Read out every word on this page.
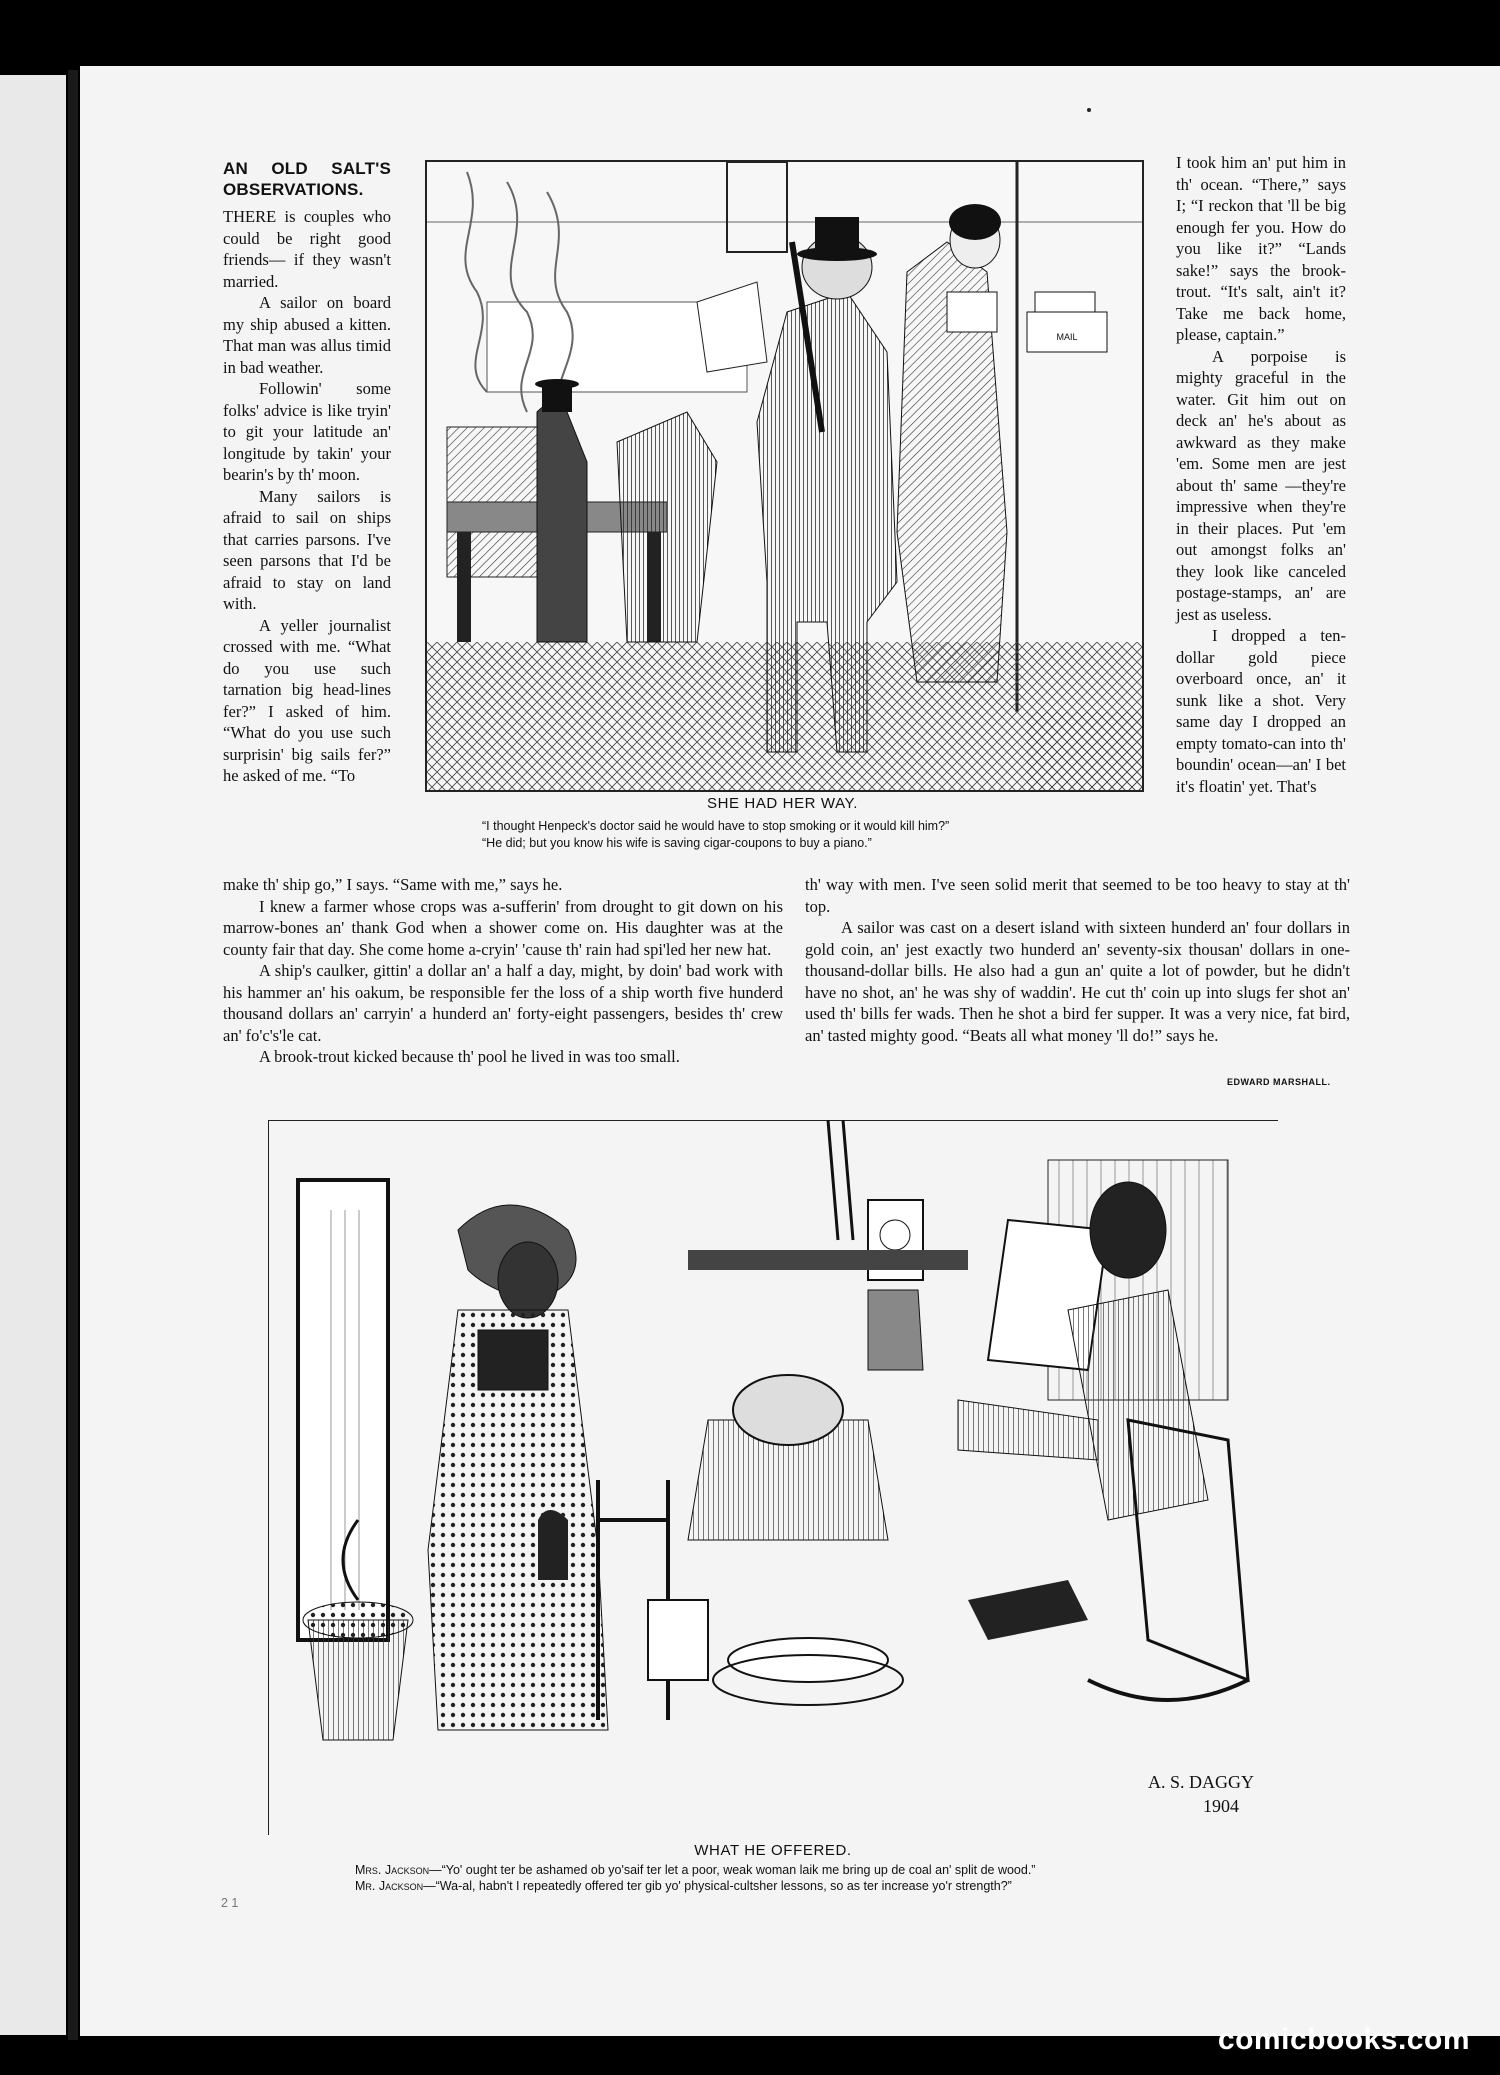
AN OLD SALT'S OBSERVATIONS.

THERE is couples who could be right good friends— if they wasn't married.

A sailor on board my ship abused a kitten. That man was allus timid in bad weather.

Followin' some folks' advice is like tryin' to git your latitude an' longitude by takin' your bearin's by th' moon.

Many sailors is afraid to sail on ships that carries parsons. I've seen parsons that I'd be afraid to stay on land with.

A yeller journalist crossed with me. “What do you use such tarnation big head-lines fer?” I asked of him. “What do you use such surprisin' big sails fer?” he asked of me. “To

MAIL
SHE HAD HER WAY.
“I thought Henpeck's doctor said he would have to stop smoking or it would kill him?”
“He did; but you know his wife is saving cigar-coupons to buy a piano.”

I took him an' put him in th' ocean. “There,” says I; “I reckon that 'll be big enough fer you. How do you like it?” “Lands sake!” says the brook-trout. “It's salt, ain't it? Take me back home, please, captain.”

A porpoise is mighty graceful in the water. Git him out on deck an' he's about as awkward as they make 'em. Some men are jest about th' same —they're impressive when they're in their places. Put 'em out amongst folks an' they look like canceled postage-stamps, an' are jest as useless.

I dropped a ten-dollar gold piece overboard once, an' it sunk like a shot. Very same day I dropped an empty tomato-can into th' boundin' ocean—an' I bet it's floatin' yet. That's

make th' ship go,” I says. “Same with me,” says he.

I knew a farmer whose crops was a-sufferin' from drought to git down on his marrow-bones an' thank God when a shower come on. His daughter was at the county fair that day. She come home a-cryin' 'cause th' rain had spi'led her new hat.

A ship's caulker, gittin' a dollar an' a half a day, might, by doin' bad work with his hammer an' his oakum, be responsible fer the loss of a ship worth five hunderd thousand dollars an' carryin' a hunderd an' forty-eight passengers, besides th' crew an' fo'c's'le cat.

A brook-trout kicked because th' pool he lived in was too small.

th' way with men. I've seen solid merit that seemed to be too heavy to stay at th' top.

A sailor was cast on a desert island with sixteen hunderd an' four dollars in gold coin, an' jest exactly two hunderd an' seventy-six thousan' dollars in one-thousand-dollar bills. He also had a gun an' quite a lot of powder, but he didn't have no shot, an' he was shy of waddin'. He cut th' coin up into slugs fer shot an' used th' bills fer wads. Then he shot a bird fer supper. It was a very nice, fat bird, an' tasted mighty good. “Beats all what money 'll do!” says he.

EDWARD MARSHALL.
A. S. DAGGY
1904
WHAT HE OFFERED.
Mrs. Jackson—“Yo' ought ter be ashamed ob yo'saif ter let a poor, weak woman laik me bring up de coal an' split de wood.”
Mr. Jackson—“Wa-al, habn't I repeatedly offered ter gib yo' physical-cultsher lessons, so as ter increase yo'r strength?”
2 1
comicbooks.com
